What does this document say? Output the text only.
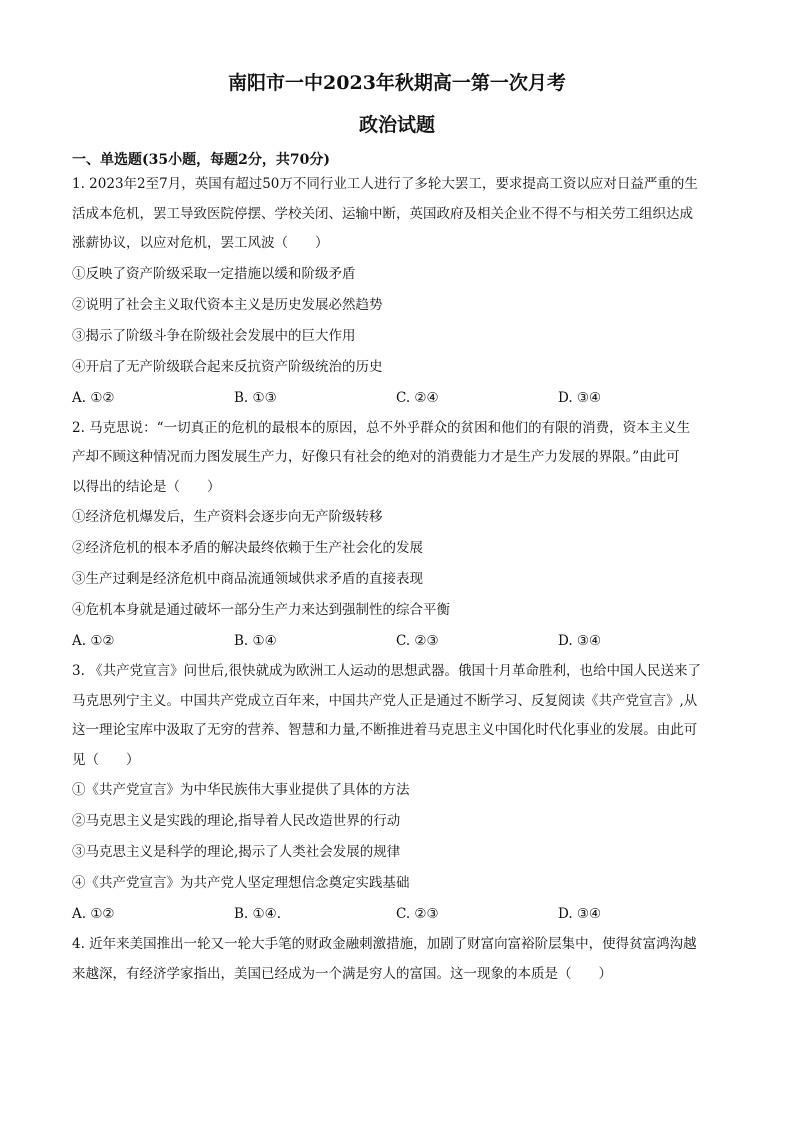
南阳市一中2023年秋期高一第一次月考
政治试题
一、单选题(35小题，每题2分，共70分)

1. 2023年2至7月，英国有超过50万不同行业工人进行了多轮大罢工，要求提高工资以应对日益严重的生

活成本危机，罢工导致医院停摆、学校关闭、运输中断，英国政府及相关企业不得不与相关劳工组织达成

涨薪协议，以应对危机，罢工风波（　　）

①反映了资产阶级采取一定措施以缓和阶级矛盾

②说明了社会主义取代资本主义是历史发展必然趋势

③揭示了阶级斗争在阶级社会发展中的巨大作用

④开启了无产阶级联合起来反抗资产阶级统治的历史

A. ①②	B. ①③	C. ②④	D. ③④

2. 马克思说：“一切真正的危机的最根本的原因，总不外乎群众的贫困和他们的有限的消费，资本主义生

产却不顾这种情况而力图发展生产力，好像只有社会的绝对的消费能力才是生产力发展的界限。”由此可

以得出的结论是（　　）

①经济危机爆发后，生产资料会逐步向无产阶级转移

②经济危机的根本矛盾的解决最终依赖于生产社会化的发展

③生产过剩是经济危机中商品流通领域供求矛盾的直接表现

④危机本身就是通过破坏一部分生产力来达到强制性的综合平衡

A. ①②	B. ①④	C. ②③	D. ③④

3. 《共产党宣言》问世后,很快就成为欧洲工人运动的思想武器。俄国十月革命胜利，也给中国人民送来了

马克思列宁主义。中国共产党成立百年来，中国共产党人正是通过不断学习、反复阅读《共产党宣言》,从

这一理论宝库中汲取了无穷的营养、智慧和力量,不断推进着马克思主义中国化时代化事业的发展。由此可

见（　　）

①《共产党宣言》为中华民族伟大事业提供了具体的方法

②马克思主义是实践的理论,指导着人民改造世界的行动

③马克思主义是科学的理论,揭示了人类社会发展的规律

④《共产党宣言》为共产党人坚定理想信念奠定实践基础

A. ①②	B. ①④.	C. ②③	D. ③④

4. 近年来美国推出一轮又一轮大手笔的财政金融刺激措施，加剧了财富向富裕阶层集中，使得贫富鸿沟越

来越深，有经济学家指出，美国已经成为一个满是穷人的富国。这一现象的本质是（　　）
